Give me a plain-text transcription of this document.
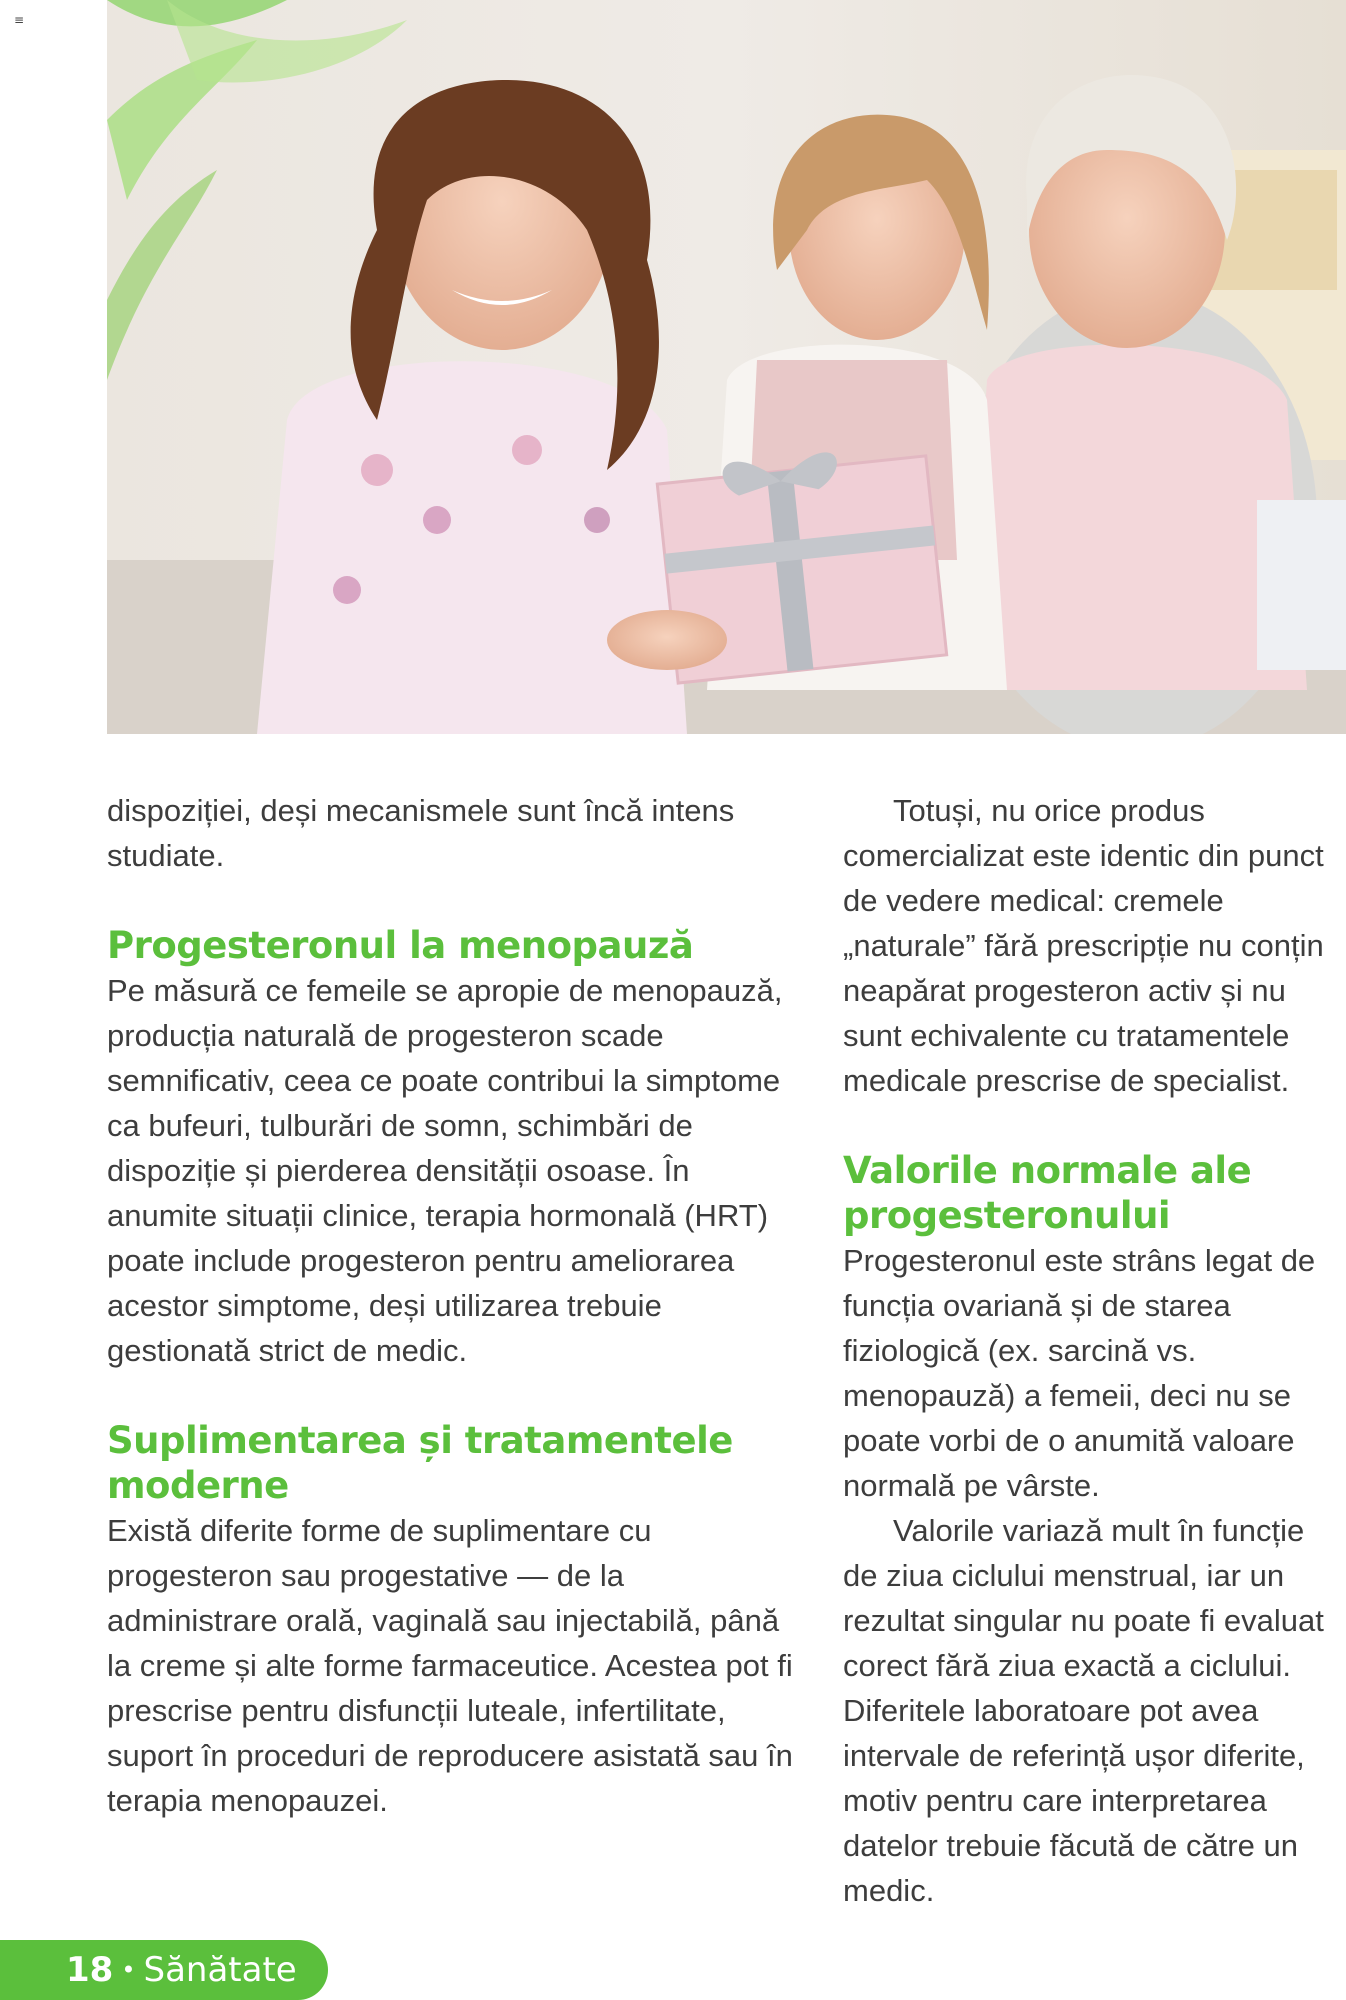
≡

dispoziției, deși mecanismele sunt încă intens studiate.

Progesteronul la menopauză

Pe măsură ce femeile se apropie de menopauză, producția naturală de progesteron scade semnificativ, ceea ce poate contribui la simptome ca bufeuri, tulburări de somn, schimbări de dispoziție și pierderea densității osoase. În anumite situații clinice, terapia hormonală (HRT) poate include progesteron pentru ameliorarea acestor simptome, deși utilizarea trebuie gestionată strict de medic.

Suplimentarea și tratamentele moderne

Există diferite forme de suplimentare cu progesteron sau progestative — de la administrare orală, vaginală sau injectabilă, până la creme și alte forme farmaceutice. Acestea pot fi prescrise pentru disfuncții luteale, infertilitate, suport în proceduri de reproducere asistată sau în terapia menopauzei.

Totuși, nu orice produs comercializat este identic din punct de vedere medical: cremele „naturale” fără prescripție nu conțin neapărat progesteron activ și nu sunt echivalente cu tratamentele medicale prescrise de specialist.

Valorile normale ale progesteronului

Progesteronul este strâns legat de funcția ovariană și de starea fiziologică (ex. sarcină vs. menopauză) a femeii, deci nu se poate vorbi de o anumită valoare normală pe vârste.

Valorile variază mult în funcție de ziua ciclului menstrual, iar un rezultat singular nu poate fi evaluat corect fără ziua exactă a ciclului. Diferitele laboratoare pot avea intervale de referință ușor diferite, motiv pentru care interpretarea datelor trebuie făcută de către un medic.

18 • Sănătate
